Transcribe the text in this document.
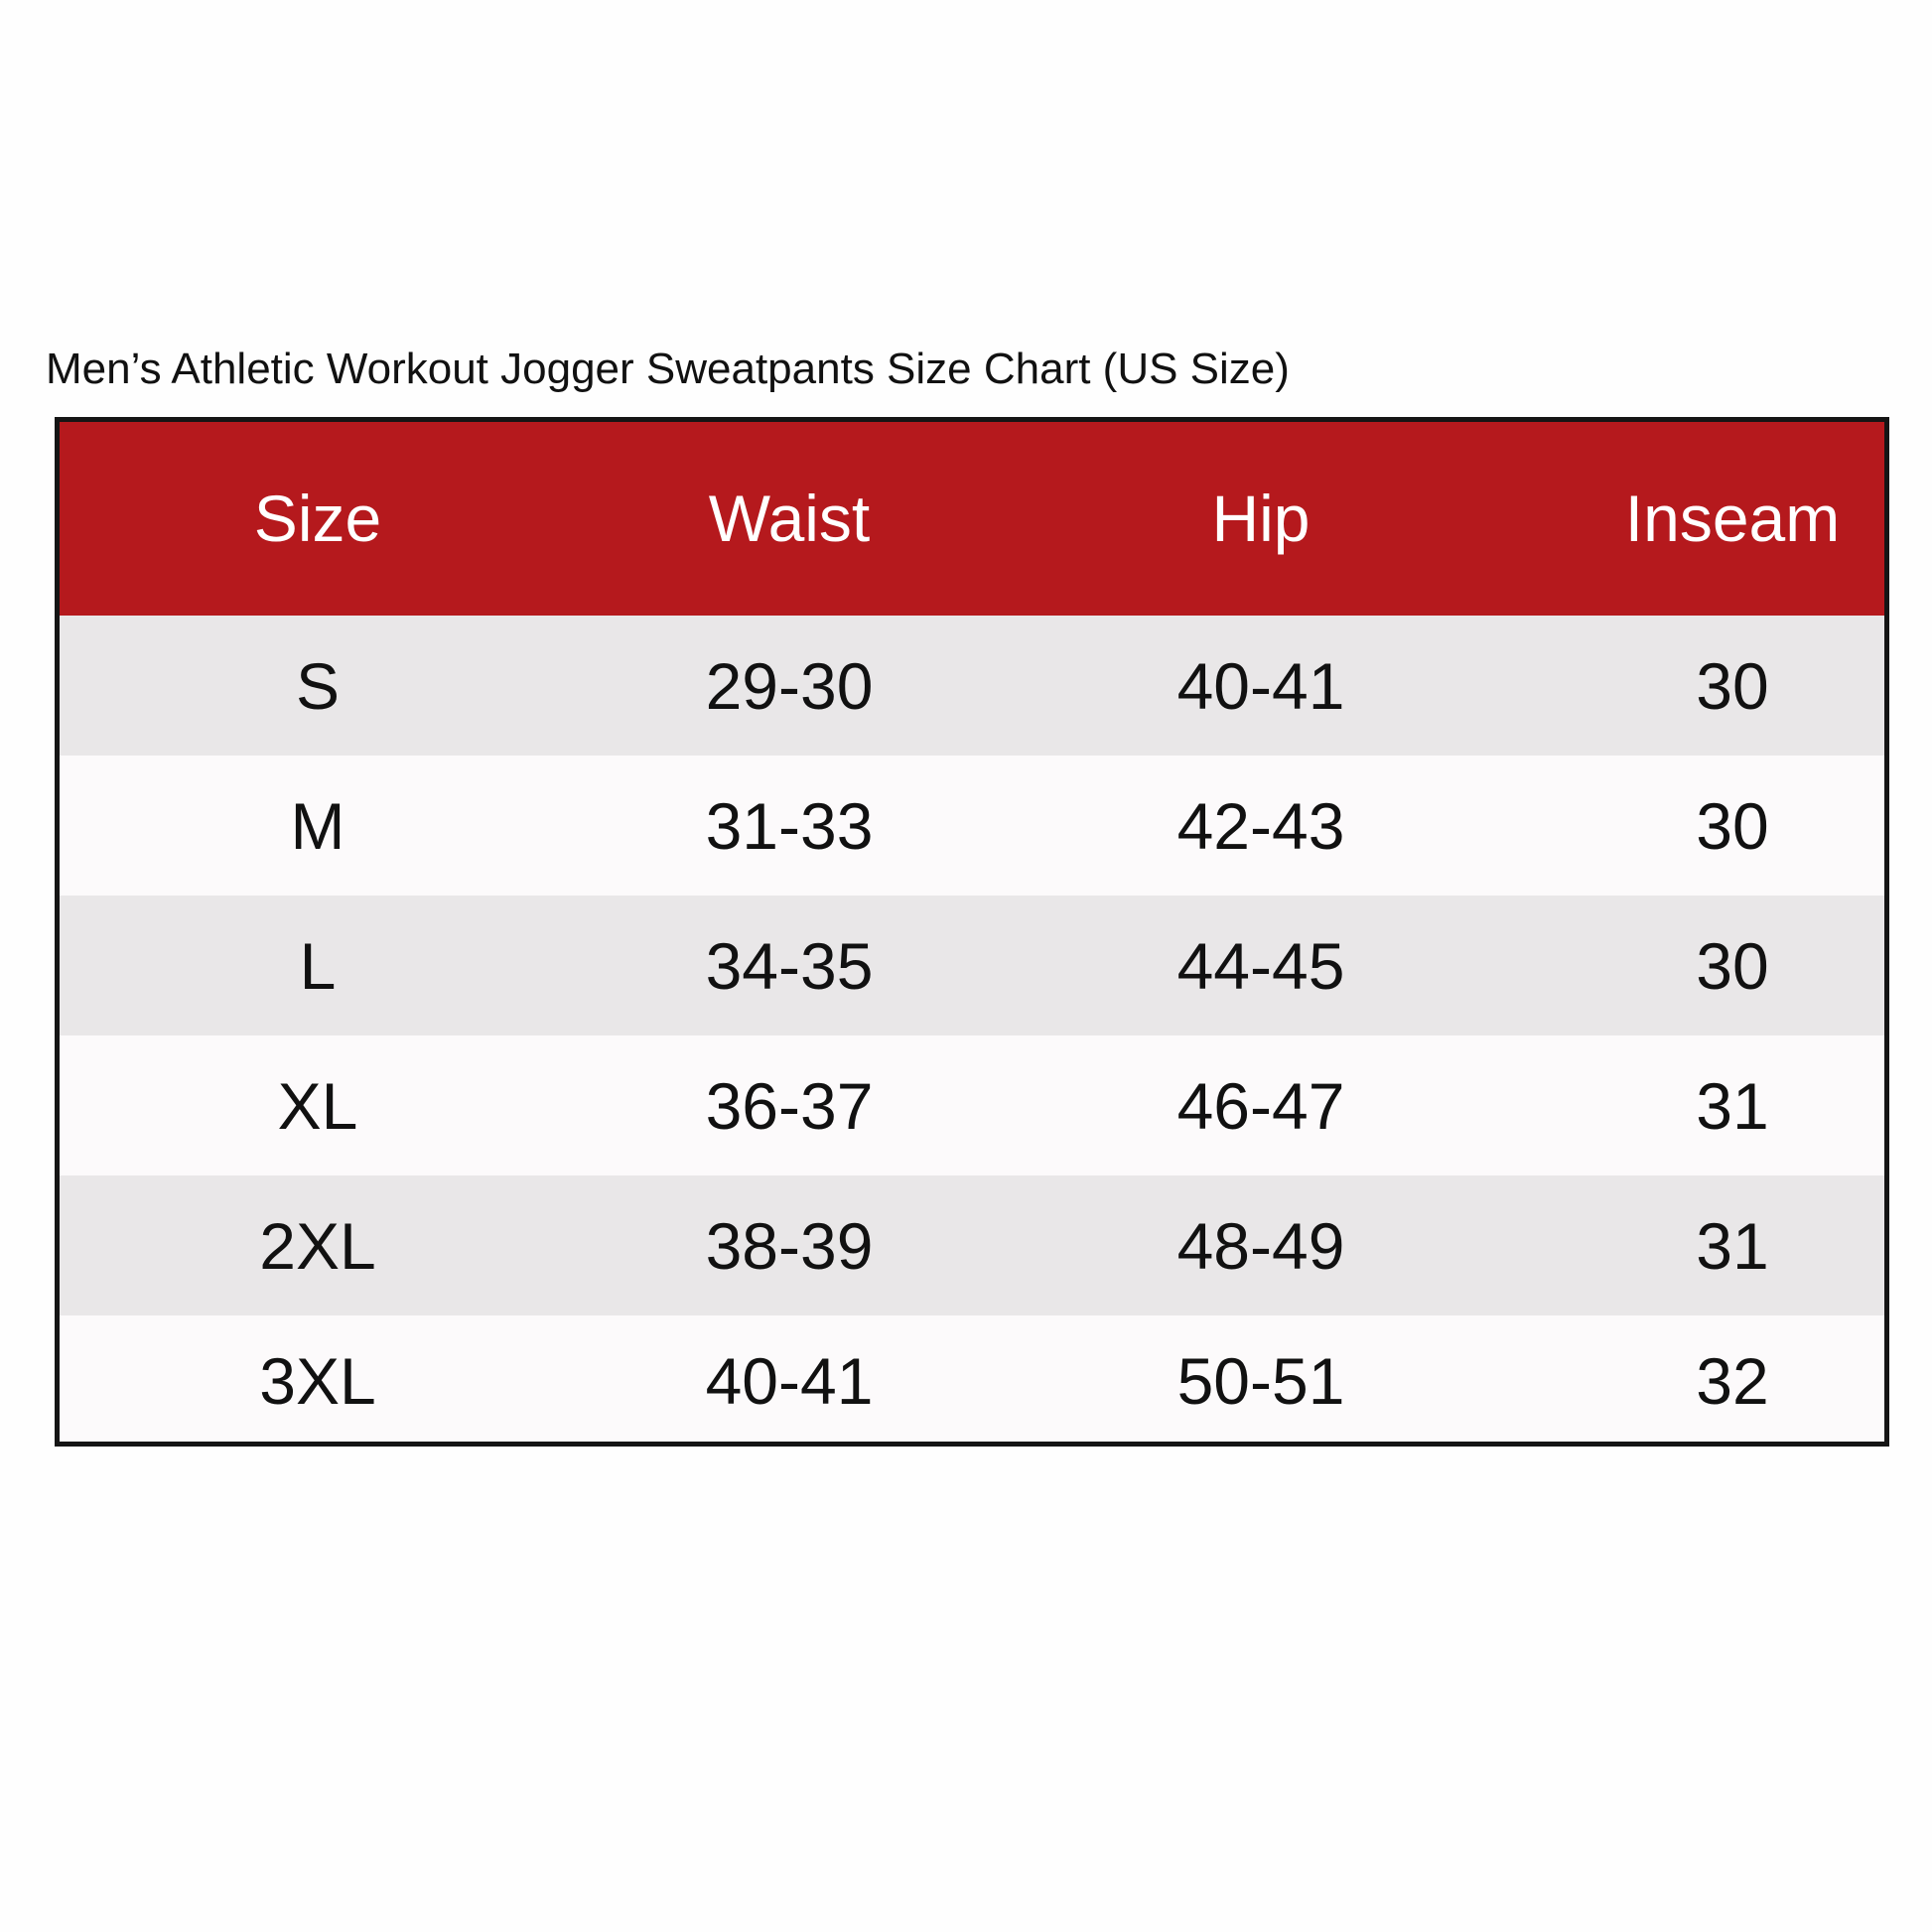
Men’s Athletic Workout Jogger Sweatpants Size Chart (US Size)
Size	Waist	Hip	Inseam
S	29-30	40-41	30
M	31-33	42-43	30
L	34-35	44-45	30
XL	36-37	46-47	31
2XL	38-39	48-49	31
3XL	40-41	50-51	32
